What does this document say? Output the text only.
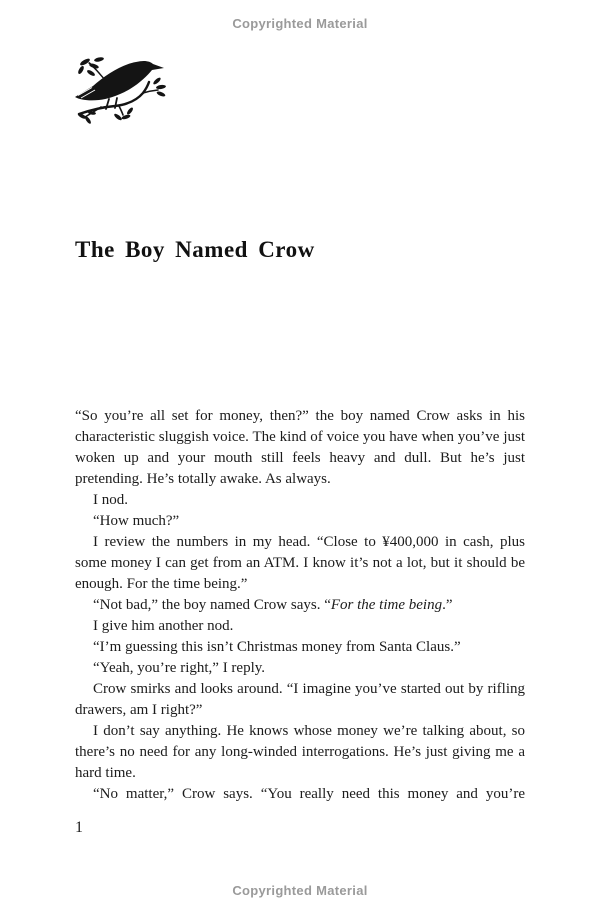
Copyrighted Material
The Boy Named Crow

“So you’re all set for money, then?” the boy named Crow asks in his characteristic sluggish voice. The kind of voice you have when you’ve just woken up and your mouth still feels heavy and dull. But he’s just pretending. He’s totally awake. As always.

I nod.

“How much?”

I review the numbers in my head. “Close to ¥400,000 in cash, plus some money I can get from an ATM. I know it’s not a lot, but it should be enough. For the time being.”

“Not bad,” the boy named Crow says. “For the time being.”

I give him another nod.

“I’m guessing this isn’t Christmas money from Santa Claus.”

“Yeah, you’re right,” I reply.

Crow smirks and looks around. “I imagine you’ve started out by rifling drawers, am I right?”

I don’t say anything. He knows whose money we’re talking about, so there’s no need for any long-winded interrogations. He’s just giving me a hard time.

“No matter,” Crow says. “You really need this money and you’re

1
Copyrighted Material
